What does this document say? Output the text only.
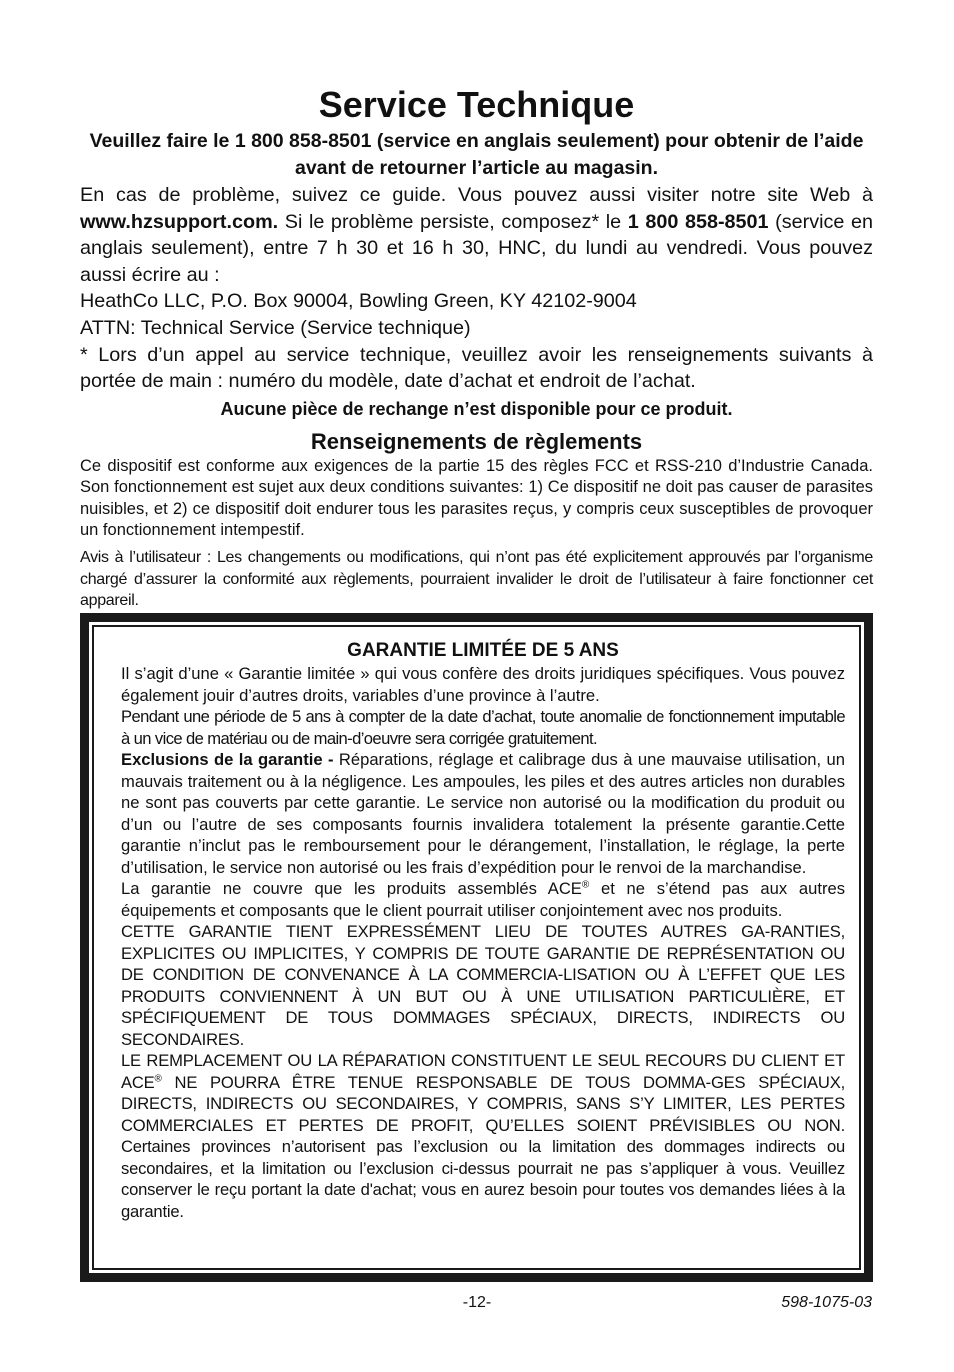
Service Technique

Veuillez faire le 1 800 858-8501 (service en anglais seulement) pour obtenir de l’aide avant de retourner l’article au magasin.

En cas de problème, suivez ce guide. Vous pouvez aussi visiter notre site Web à www.hzsupport.com. Si le problème persiste, composez* le 1 800 858-8501 (service en anglais seulement), entre 7 h 30 et 16 h 30, HNC, du lundi au vendredi. Vous pouvez aussi écrire au :

HeathCo LLC, P.O. Box 90004, Bowling Green, KY 42102-9004

ATTN: Technical Service (Service technique)

* Lors d’un appel au service technique, veuillez avoir les renseignements suivants à portée de main : numéro du modèle, date d’achat et endroit de l’achat.

Aucune pièce de rechange n’est disponible pour ce produit.

Renseignements de règlements

Ce dispositif est conforme aux exigences de la partie 15 des règles FCC et RSS-210 d’Industrie Canada. Son fonctionnement est sujet aux deux conditions suivantes: 1) Ce dispositif ne doit pas causer de parasites nuisibles, et 2) ce dispositif doit endurer tous les parasites reçus, y compris ceux susceptibles de provoquer un fonctionnement intempestif.

Avis à l’utilisateur : Les changements ou modifications, qui n’ont pas été explicitement approuvés par l’organisme chargé d’assurer la conformité aux règlements, pourraient invalider le droit de l’utilisateur à faire fonctionner cet appareil.

GARANTIE LIMITÉE DE 5 ANS

Il s’agit d’une « Garantie limitée » qui vous confère des droits juridiques spécifiques. Vous pouvez également jouir d’autres droits, variables d’une province à l’autre.

Pendant une période de 5 ans à compter de la date d’achat, toute anomalie de fonctionnement imputable à un vice de matériau ou de main-d’oeuvre sera corrigée gratuitement.

Exclusions de la garantie - Réparations, réglage et calibrage dus à une mauvaise utilisation, un mauvais traitement ou à la négligence. Les ampoules, les piles et des autres articles non durables ne sont pas couverts par cette garantie. Le service non autorisé ou la modification du produit ou d’un ou l’autre de ses composants fournis invalidera totalement la présente garantie.Cette garantie n’inclut pas le remboursement pour le dérangement, l’installation, le réglage, la perte d’utilisation, le service non autorisé ou les frais d’expédition pour le renvoi de la marchandise.

La garantie ne couvre que les produits assemblés ACE® et ne s’étend pas aux autres équipements et composants que le client pourrait utiliser conjointement avec nos produits.

CETTE GARANTIE TIENT EXPRESSÉMENT LIEU DE TOUTES AUTRES GA-RANTIES, EXPLICITES OU IMPLICITES, Y COMPRIS DE TOUTE GARANTIE DE REPRÉSENTATION OU DE CONDITION DE CONVENANCE À LA COMMERCIA-LISATION OU À L’EFFET QUE LES PRODUITS CONVIENNENT À UN BUT OU À UNE UTILISATION PARTICULIÈRE, ET SPÉCIFIQUEMENT DE TOUS DOMMAGES SPÉCIAUX, DIRECTS, INDIRECTS OU SECONDAIRES.

LE REMPLACEMENT OU LA RÉPARATION CONSTITUENT LE SEUL RECOURS DU CLIENT ET ACE® NE POURRA ÊTRE TENUE RESPONSABLE DE TOUS DOMMA-GES SPÉCIAUX, DIRECTS, INDIRECTS OU SECONDAIRES, Y COMPRIS, SANS S’Y LIMITER, LES PERTES COMMERCIALES ET PERTES DE PROFIT, QU’ELLES SOIENT PRÉVISIBLES OU NON. Certaines provinces n’autorisent pas l’exclusion ou la limitation des dommages indirects ou secondaires, et la limitation ou l’exclusion ci-dessus pourrait ne pas s’appliquer à vous. Veuillez conserver le reçu portant la date d'achat; vous en aurez besoin pour toutes vos demandes liées à la garantie.

-12-	598-1075-03
